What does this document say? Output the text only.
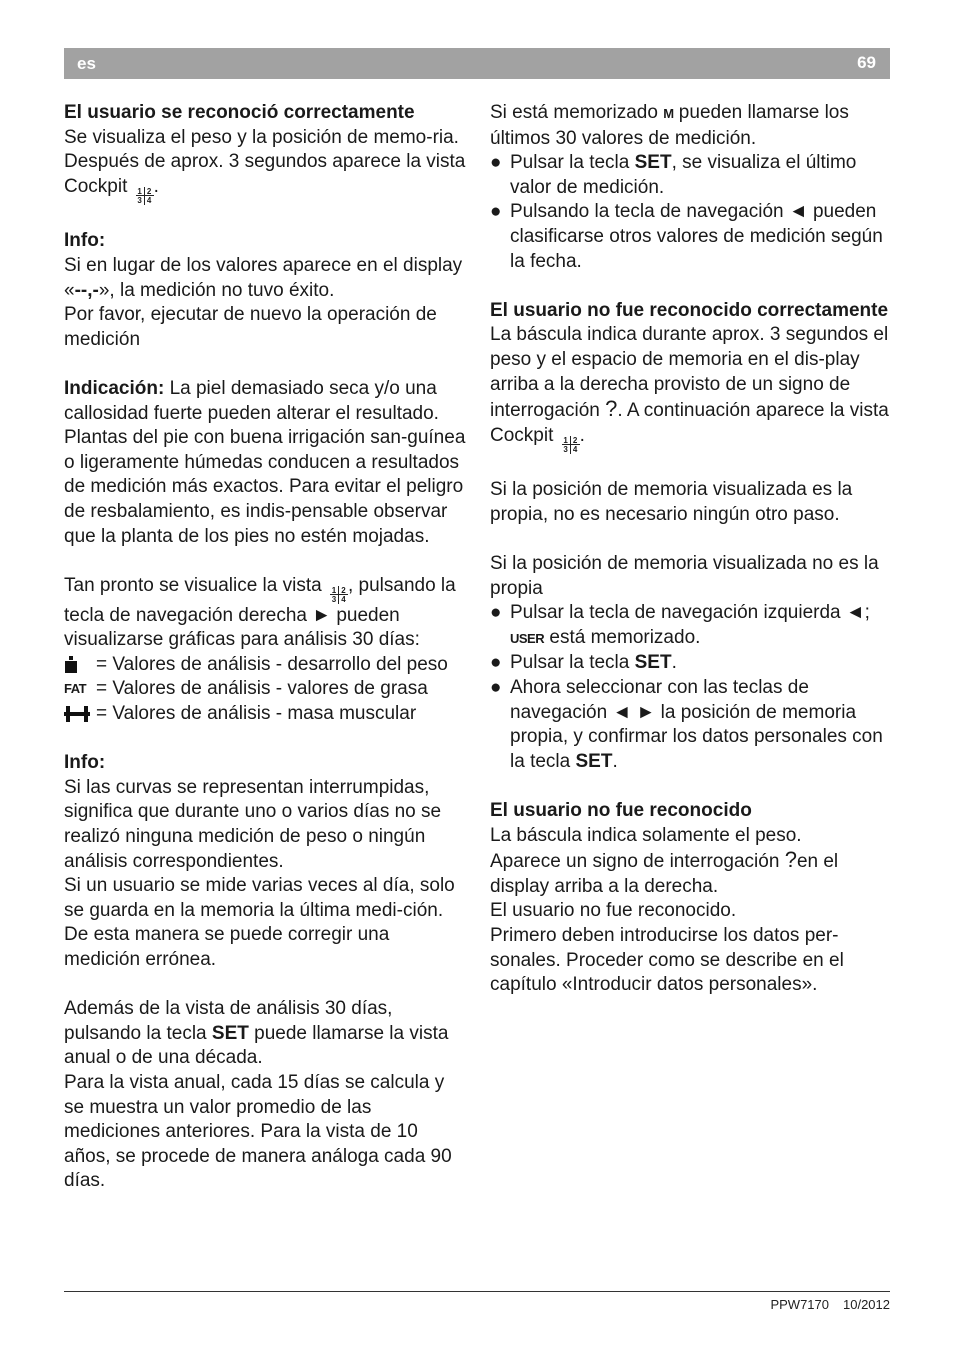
es	69

El usuario se reconoció correctamente

Se visualiza el peso y la posición de memo-ria. Después de aprox. 3 segundos aparece la vista Cockpit 1 2
3 4
.

Info:

Si en lugar de los valores aparece en el display «--,-», la medición no tuvo éxito.

Por favor, ejecutar de nuevo la operación de medición

Indicación: La piel demasiado seca y/o una callosidad fuerte pueden alterar el resultado. Plantas del pie con buena irrigación san-guínea o ligeramente húmedas conducen a resultados de medición más exactos. Para evitar el peligro de resbalamiento, es indis-pensable observar que la planta de los pies no estén mojadas.

Tan pronto se visualice la vista 1 2
3 4
, pulsando la tecla de navegación derecha ► pueden visualizarse gráficas para análisis 30 días:

= Valores de análisis - desarrollo del peso
FAT = Valores de análisis - valores de grasa
= Valores de análisis - masa muscular

Info:

Si las curvas se representan interrumpidas, significa que durante uno o varios días no se realizó ninguna medición de peso o ningún análisis correspondientes.

Si un usuario se mide varias veces al día, solo se guarda en la memoria la última medi-ción. De esta manera se puede corregir una medición errónea.

Además de la vista de análisis 30 días, pulsando la tecla SET puede llamarse la vista anual o de una década.

Para la vista anual, cada 15 días se calcula y se muestra un valor promedio de las mediciones anteriores. Para la vista de 10 años, se procede de manera análoga cada 90 días.

Si está memorizado M pueden llamarse los últimos 30 valores de medición.

● Pulsar la tecla SET, se visualiza el último valor de medición.
● Pulsando la tecla de navegación ◄ pueden clasificarse otros valores de medición según la fecha.

El usuario no fue reconocido correctamente

La báscula indica durante aprox. 3 segundos el peso y el espacio de memoria en el dis-play arriba a la derecha provisto de un signo de interrogación ?. A continuación aparece la vista Cockpit 1 2
3 4
.

Si la posición de memoria visualizada es la propia, no es necesario ningún otro paso.

Si la posición de memoria visualizada no es la propia

● Pulsar la tecla de navegación izquierda ◄;
USER está memorizado.
● Pulsar la tecla SET.
● Ahora seleccionar con las teclas de navegación ◄ ► la posición de memoria propia, y confirmar los datos personales con la tecla SET.

El usuario no fue reconocido

La báscula indica solamente el peso.

Aparece un signo de interrogación ?en el display arriba a la derecha.

El usuario no fue reconocido.

Primero deben introducirse los datos per-sonales. Proceder como se describe en el capítulo «Introducir datos personales».

PPW7170 10/2012
